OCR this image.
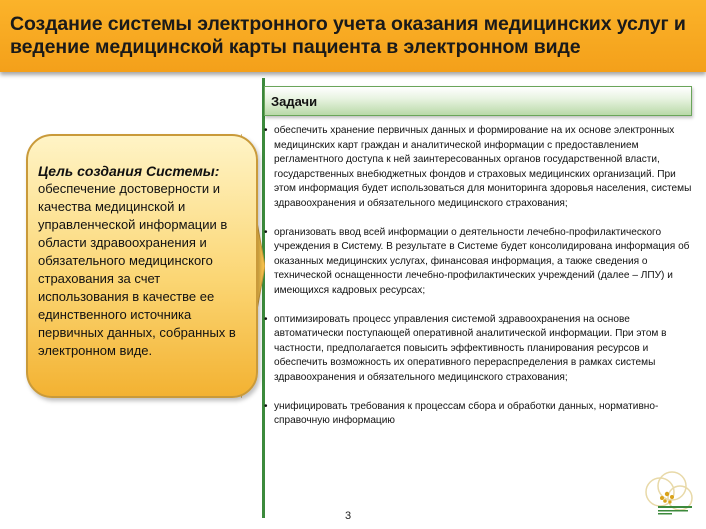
Создание системы электронного учета оказания медицинских услуг и ведение медицинской карты пациента в электронном виде
Цель создания Системы:
обеспечение достоверности и качества медицинской и управленческой информации в области здравоохранения и обязательного медицинского страхования за счет использования в качестве ее единственного источника первичных данных, собранных в электронном виде.
Задачи
• обеспечить хранение первичных данных и формирование на их основе электронных медицинских карт граждан и аналитической информации с предоставлением регламентного доступа к ней заинтересованных органов государственной власти, государственных внебюджетных фондов и страховых медицинских организаций. При этом информация будет использоваться для мониторинга здоровья населения, системы здравоохранения и обязательного медицинского страхования;
• организовать ввод всей информации о деятельности лечебно-профилактического учреждения в Систему. В результате в Системе будет консолидирована информация об оказанных медицинских услугах, финансовая информация, а также сведения о технической оснащенности лечебно-профилактических учреждений (далее – ЛПУ) и имеющихся кадровых ресурсах;
• оптимизировать процесс управления системой здравоохранения на основе автоматически поступающей оперативной аналитической информации. При этом в частности, предполагается повысить эффективность планирования ресурсов и обеспечить возможность их оперативного перераспределения в рамках системы здравоохранения и обязательного медицинского страхования;
• унифицировать требования к процессам сбора и обработки данных, нормативно-справочную информацию
3
